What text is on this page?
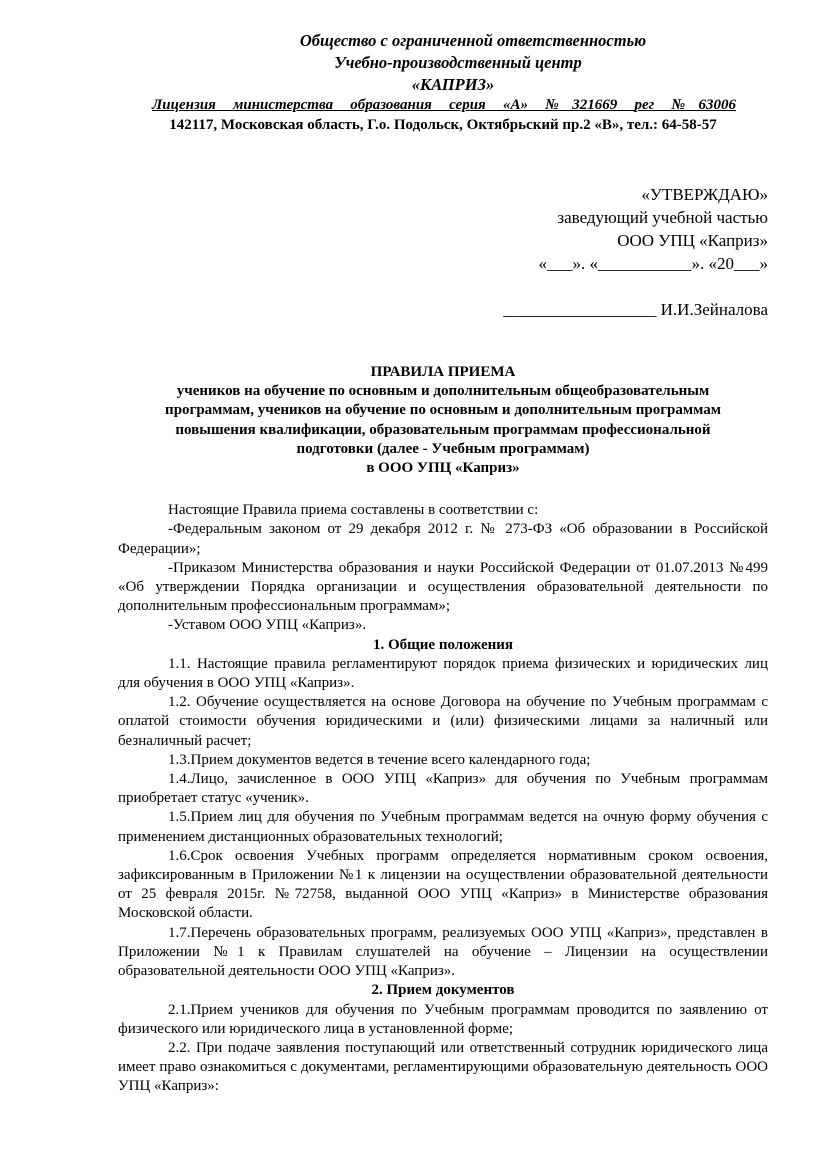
Общество с ограниченной ответственностью
Учебно-производственный центр
«КАПРИЗ»
Лицензия министерства образования серия «А» №321669 рег №63006
142117, Московская область, Г.о. Подольск, Октябрьский пр.2 «В», тел.: 64-58-57
«УТВЕРЖДАЮ»
заведующий учебной частью
ООО УПЦ «Каприз»
«___». «___________». «20___»
__________________ И.И.Зейналова
ПРАВИЛА ПРИЕМА
учеников на обучение по основным и дополнительным общеобразовательным
программам, учеников на обучение по основным и дополнительным программам
повышения квалификации, образовательным программам профессиональной
подготовки (далее - Учебным программам)
в ООО УПЦ «Каприз»

Настоящие Правила приема составлены в соответствии с:

-Федеральным законом от 29 декабря 2012 г. № 273-ФЗ «Об образовании в Российской Федерации»;

-Приказом Министерства образования и науки Российской Федерации от 01.07.2013 №499 «Об утверждении Порядка организации и осуществления образовательной деятельности по дополнительным профессиональным программам»;

-Уставом ООО УПЦ «Каприз».

1. Общие положения

1.1. Настоящие правила регламентируют порядок приема физических и юридических лиц для обучения в ООО УПЦ «Каприз».

1.2. Обучение осуществляется на основе Договора на обучение по Учебным программам с оплатой стоимости обучения юридическими и (или) физическими лицами за наличный или безналичный расчет;

1.3.Прием документов ведется в течение всего календарного года;

1.4.Лицо, зачисленное в ООО УПЦ «Каприз» для обучения по Учебным программам приобретает статус «ученик».

1.5.Прием лиц для обучения по Учебным программам ведется на очную форму обучения с применением дистанционных образовательных технологий;

1.6.Срок освоения Учебных программ определяется нормативным сроком освоения, зафиксированным в Приложении №1 к лицензии на осуществлении образовательной деятельности от 25 февраля 2015г. №72758, выданной ООО УПЦ «Каприз» в Министерстве образования Московской области.

1.7.Перечень образовательных программ, реализуемых ООО УПЦ «Каприз», представлен в Приложении №1 к Правилам слушателей на обучение – Лицензии на осуществлении образовательной деятельности ООО УПЦ «Каприз».

2. Прием документов

2.1.Прием учеников для обучения по Учебным программам проводится по заявлению от физического или юридического лица в установленной форме;

2.2. При подаче заявления поступающий или ответственный сотрудник юридического лица имеет право ознакомиться с документами, регламентирующими образовательную деятельность ООО УПЦ «Каприз»:
